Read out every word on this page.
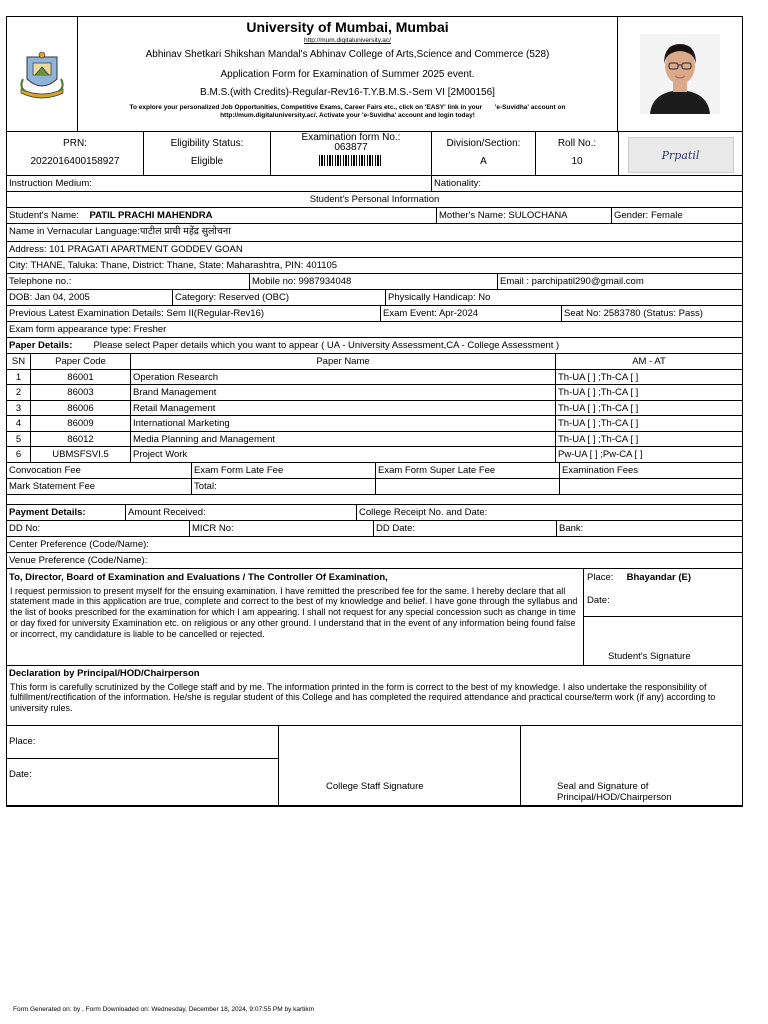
University of Mumbai, Mumbai
http://mum.digitaluniversity.ac/
Abhinav Shetkari Shikshan Mandal's Abhinav College of Arts,Science and Commerce (528)
Application Form for Examination of Summer 2025 event.
B.M.S.(with Credits)-Regular-Rev16-T.Y.B.M.S.-Sem VI [2M00156]
To explore your personalized Job Opportunities, Competitive Exams, Career Fairs etc., click on 'EASY' link in your 'e-Suvidha' account on
http://mum.digitaluniversity.ac/. Activate your 'e-Suvidha' account and login today!
PRN:
2022016400158927
Eligibility Status:
Eligible
Examination form No.:
063877	Division/Section:
A
Roll No.:
10	Prpatil
Instruction Medium:	Nationality:
Student's Personal Information
Student's Name: PATIL PRACHI MAHENDRA	Mother's Name: SULOCHANA	Gender: Female
Name in Vernacular Language:पाटील प्राची महेंद्र सुलोचना
Address: 101 PRAGATI APARTMENT GODDEV GOAN
City: THANE, Taluka: Thane, District: Thane, State: Maharashtra, PIN: 401105
Telephone no.:	Mobile no: 9987934048	Email : parchipatil290@gmail.com
DOB: Jan 04, 2005	Category: Reserved (OBC)	Physically Handicap: No
Previous Latest Examination Details: Sem II(Regular-Rev16)	Exam Event: Apr-2024	Seat No: 2583780 (Status: Pass)
Exam form appearance type: Fresher
Paper Details: Please select Paper details which you want to appear ( UA - University Assessment,CA - College Assessment )
SN	Paper Code	Paper Name	AM - AT
1	86001	Operation Research	Th-UA [ ] ;Th-CA [ ]
2	86003	Brand Management	Th-UA [ ] ;Th-CA [ ]
3	86006	Retail Management	Th-UA [ ] ;Th-CA [ ]
4	86009	International Marketing	Th-UA [ ] ;Th-CA [ ]
5	86012	Media Planning and Management	Th-UA [ ] ;Th-CA [ ]
6	UBMSFSVI.5	Project Work	Pw-UA [ ] ;Pw-CA [ ]
Convocation Fee	Exam Form Late Fee	Exam Form Super Late Fee	Examination Fees
Mark Statement Fee	Total:
Payment Details:	Amount Received:	College Receipt No. and Date:
DD No:	MICR No:	DD Date:	Bank:
Center Preference (Code/Name):
Venue Preference (Code/Name):
To, Director, Board of Examination and Evaluations / The Controller Of Examination,
I request permission to present myself for the ensuing examination. I have remitted the prescribed fee for the same. I hereby declare that all statement made in this application are true, complete and correct to the best of my knowledge and belief. I have gone through the syllabus and the list of books prescribed for the examination for which I am appearing. I shall not request for any special concession such as change in time or day fixed for university Examination etc. on religious or any other ground. I understand that in the event of any information being found false or incorrect, my candidature is liable to be cancelled or rejected.
Place: Bhayandar (E)
Date:
Student's Signature
Declaration by Principal/HOD/Chairperson
This form is carefully scrutinized by the College staff and by me. The information printed in the form is correct to the best of my knowledge. I also undertake the responsibility of fulfillment/rectification of the information. He/she is regular student of this College and has completed the required attendance and practical course/term work (if any) according to university rules.
Place:
Date:
College Staff Signature	Seal and Signature of
Principal/HOD/Chairperson
Form Generated on: by , Form Downloaded on: Wednesday, December 18, 2024, 9:07:55 PM by kartikm
